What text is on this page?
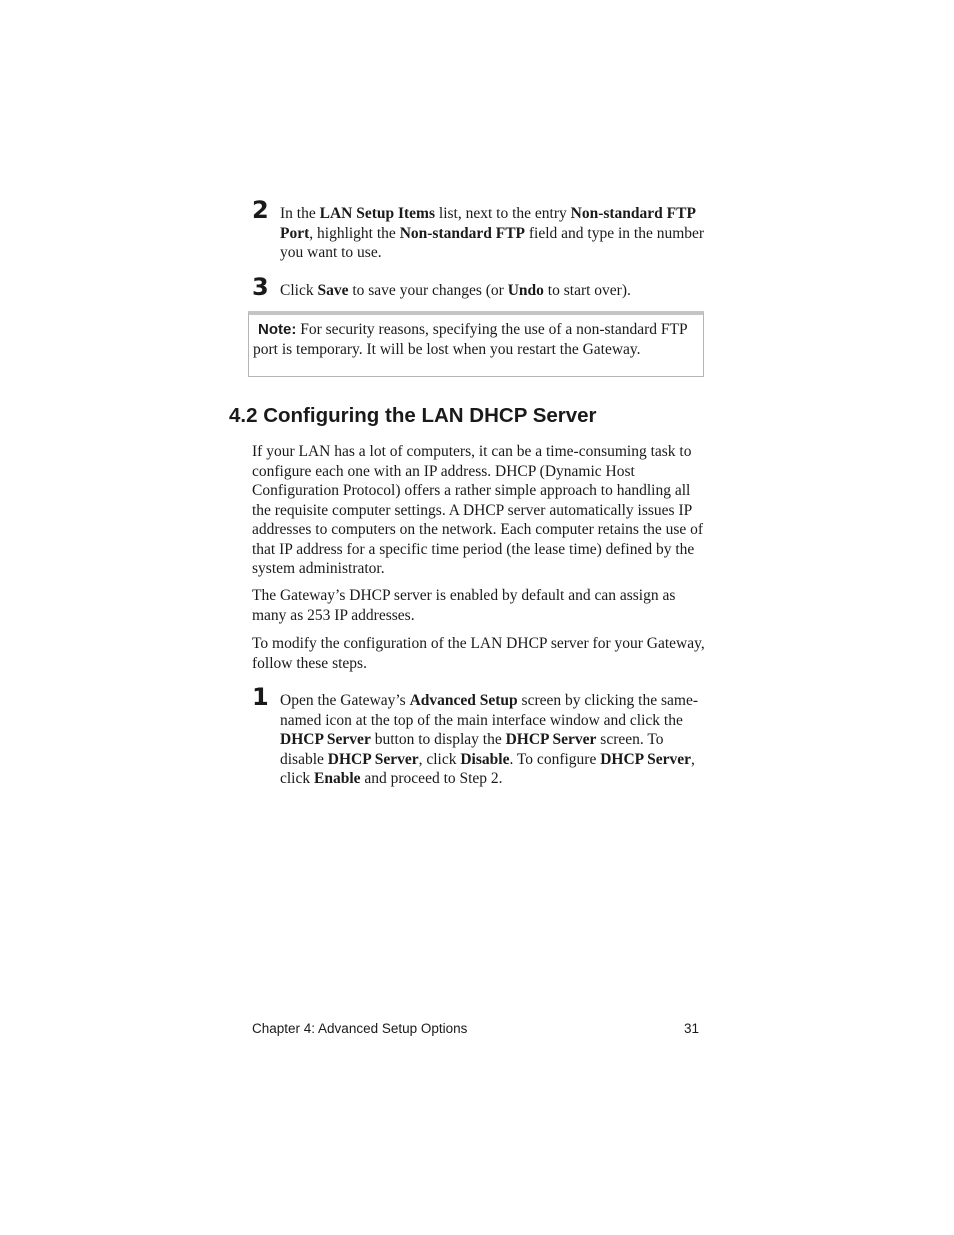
2 In the LAN Setup Items list, next to the entry Non-standard FTP Port, highlight the Non-standard FTP field and type in the number you want to use.
3 Click Save to save your changes (or Undo to start over).
Note: For security reasons, specifying the use of a non-standard FTP port is temporary. It will be lost when you restart the Gateway.
4.2 Configuring the LAN DHCP Server

If your LAN has a lot of computers, it can be a time-consuming task to configure each one with an IP address. DHCP (Dynamic Host Configuration Protocol) offers a rather simple approach to handling all the requisite computer settings. A DHCP server automatically issues IP addresses to computers on the network. Each computer retains the use of that IP address for a specific time period (the lease time) defined by the system administrator.

The Gateway’s DHCP server is enabled by default and can assign as many as 253 IP addresses.

To modify the configuration of the LAN DHCP server for your Gateway, follow these steps.

1 Open the Gateway’s Advanced Setup screen by clicking the same-named icon at the top of the main interface window and click the DHCP Server button to display the DHCP Server screen. To disable DHCP Server, click Disable. To configure DHCP Server, click Enable and proceed to Step 2.
Chapter 4: Advanced Setup Options	31
